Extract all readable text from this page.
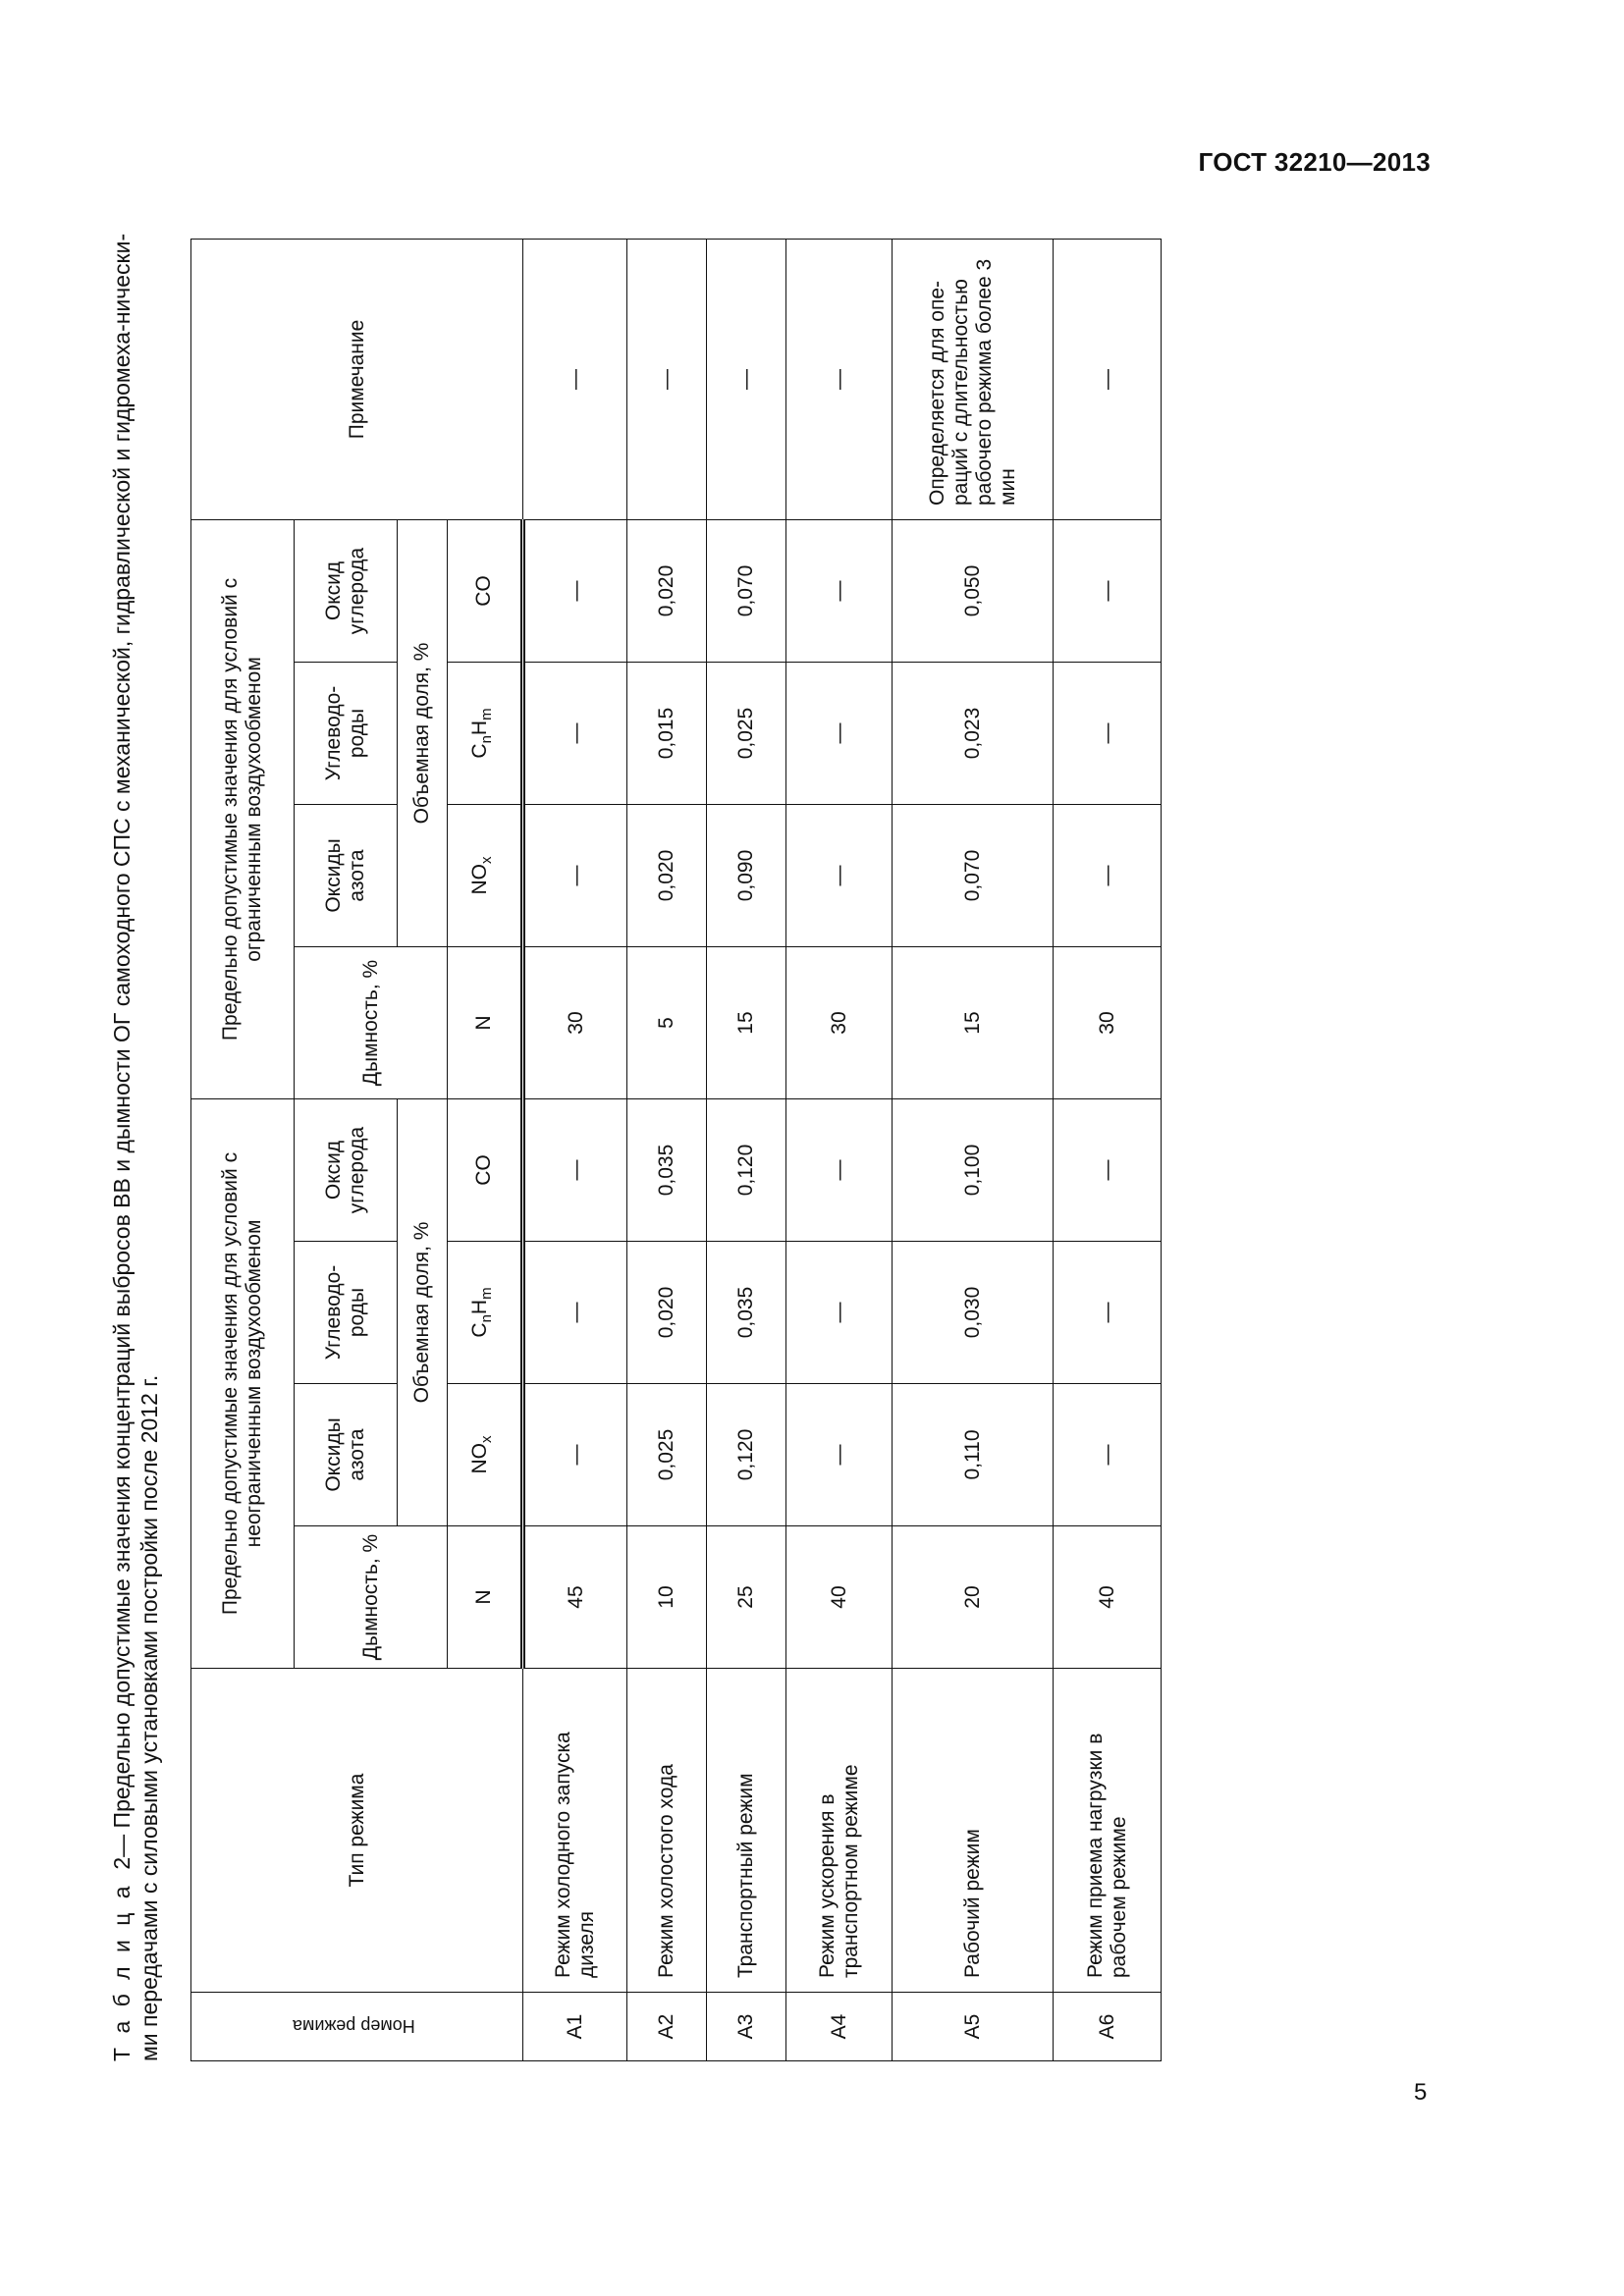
ГОСТ 32210—2013

Т а б л и ц а  2— Предельно допустимые значения концентраций выбросов ВВ и дымности ОГ самоходного СПС с механической, гидравлической и гидромеха-ническими передачами с силовыми установками постройки после 2012 г.	Номер режима	Тип режима	Предельно допустимые значения для условий с неограниченным воздухообменом				Предельно допустимые значения для условий с ограниченным воздухообменом				Примечание
		Дымность, %	Оксиды азота	Углеводо-роды	Оксид углерода	Дымность, %	Оксиды азота	Углеводо-роды	Оксид углерода	
			Объемная доля, %				Объемная доля, %			
		N	$NO_x$	$C_nH_m$	CO	N	$NO_x$	$C_nH_m$	CO	
A1	Режим холодного запуска дизеля	45	—	—	—	30	—	—	—	—
A2	Режим холостого хода	10	0,025	0,020	0,035	5	0,020	0,015	0,020	—
A3	Транспортный режим	25	0,120	0,035	0,120	15	0,090	0,025	0,070	—
A4	Режим ускорения в транспортном режиме	40	—	—	—	30	—	—	—	—
A5	Рабочий режим	20	0,110	0,030	0,100	15	0,070	0,023	0,050	Определяется для опе-раций с длительностью рабочего режима более 3 мин
A6	Режим приема нагрузки в рабочем режиме	40	—	—	—	30	—	—	—	—
5
